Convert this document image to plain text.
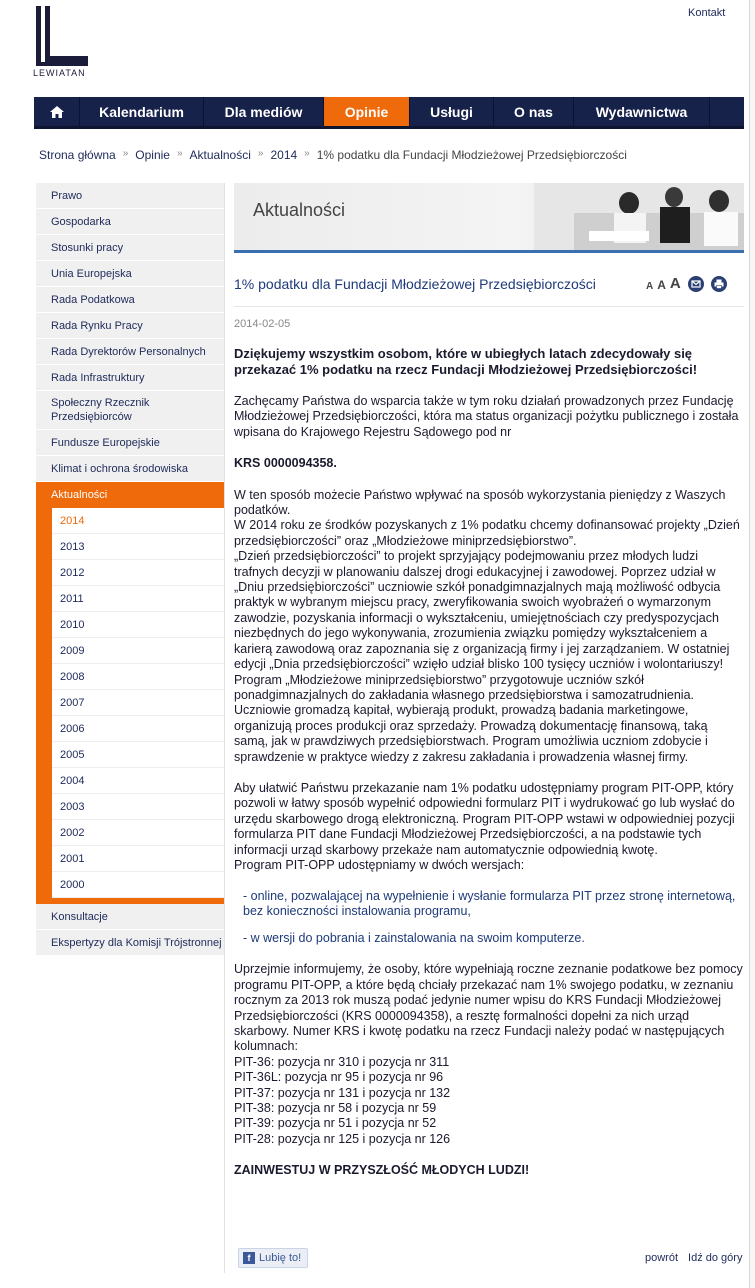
Kontakt
LEWIATAN
Kalendarium	Dla mediów	Opinie	Usługi	O nas	Wydawnictwa
Strona główna » Opinie » Aktualności » 2014 » 1% podatku dla Fundacji Młodzieżowej Przedsiębiorczości
Prawo
Gospodarka
Stosunki pracy
Unia Europejska
Rada Podatkowa
Rada Rynku Pracy
Rada Dyrektorów Personalnych
Rada Infrastruktury
Społeczny Rzecznik Przedsiębiorców
Fundusze Europejskie
Klimat i ochrona środowiska
Aktualności
2014
2013
2012
2011
2010
2009
2008
2007
2006
2005
2004
2003
2002
2001
2000
Konsultacje
Ekspertyzy dla Komisji Trójstronnej
Aktualności
1% podatku dla Fundacji Młodzieżowej Przedsiębiorczości	A A A
2014-02-05

Dziękujemy wszystkim osobom, które w ubiegłych latach zdecydowały się przekazać 1% podatku na rzecz Fundacji Młodzieżowej Przedsiębiorczości!

Zachęcamy Państwa do wsparcia także w tym roku działań prowadzonych przez Fundację Młodzieżowej Przedsiębiorczości, która ma status organizacji pożytku publicznego i została wpisana do Krajowego Rejestru Sądowego pod nr

KRS 0000094358.

W ten sposób możecie Państwo wpływać na sposób wykorzystania pieniędzy z Waszych podatków.

W 2014 roku ze środków pozyskanych z 1% podatku chcemy dofinansować projekty „Dzień przedsiębiorczości” oraz „Młodzieżowe miniprzedsiębiorstwo”.

„Dzień przedsiębiorczości” to projekt sprzyjający podejmowaniu przez młodych ludzi trafnych decyzji w planowaniu dalszej drogi edukacyjnej i zawodowej. Poprzez udział w „Dniu przedsiębiorczości” uczniowie szkół ponadgimnazjalnych mają możliwość odbycia praktyk w wybranym miejscu pracy, zweryfikowania swoich wyobrażeń o wymarzonym zawodzie, pozyskania informacji o wykształceniu, umiejętnościach czy predyspozycjach niezbędnych do jego wykonywania, zrozumienia związku pomiędzy wykształceniem a karierą zawodową oraz zapoznania się z organizacją firmy i jej zarządzaniem. W ostatniej edycji „Dnia przedsiębiorczości” wzięło udział blisko 100 tysięcy uczniów i wolontariuszy!

Program „Młodzieżowe miniprzedsiębiorstwo” przygotowuje uczniów szkół ponadgimnazjalnych do zakładania własnego przedsiębiorstwa i samozatrudnienia. Uczniowie gromadzą kapitał, wybierają produkt, prowadzą badania marketingowe, organizują proces produkcji oraz sprzedaży. Prowadzą dokumentację finansową, taką samą, jak w prawdziwych przedsiębiorstwach. Program umożliwia uczniom zdobycie i sprawdzenie w praktyce wiedzy z zakresu zakładania i prowadzenia własnej firmy.

Aby ułatwić Państwu przekazanie nam 1% podatku udostępniamy program PIT-OPP, który pozwoli w łatwy sposób wypełnić odpowiedni formularz PIT i wydrukować go lub wysłać do urzędu skarbowego drogą elektroniczną. Program PIT-OPP wstawi w odpowiedniej pozycji formularza PIT dane Fundacji Młodzieżowej Przedsiębiorczości, a na podstawie tych informacji urząd skarbowy przekaże nam automatycznie odpowiednią kwotę.

Program PIT-OPP udostępniamy w dwóch wersjach:

- online, pozwalającej na wypełnienie i wysłanie formularza PIT przez stronę internetową, bez konieczności instalowania programu,
- w wersji do pobrania i zainstalowania na swoim komputerze.

Uprzejmie informujemy, że osoby, które wypełniają roczne zeznanie podatkowe bez pomocy programu PIT-OPP, a które będą chciały przekazać nam 1% swojego podatku, w zeznaniu rocznym za 2013 rok muszą podać jedynie numer wpisu do KRS Fundacji Młodzieżowej Przedsiębiorczości (KRS 0000094358), a resztę formalności dopełni za nich urząd skarbowy. Numer KRS i kwotę podatku na rzecz Fundacji należy podać w następujących kolumnach:

PIT-36: pozycja nr 310 i pozycja nr 311
PIT-36L: pozycja nr 95 i pozycja nr 96
PIT-37: pozycja nr 131 i pozycja nr 132
PIT-38: pozycja nr 58 i pozycja nr 59
PIT-39: pozycja nr 51 i pozycja nr 52

PIT-28: pozycja nr 125 i pozycja nr 126

ZAINWESTUJ W PRZYSZŁOŚĆ MŁODYCH LUDZI!

f Lubię to!	powrót Idź do góry
